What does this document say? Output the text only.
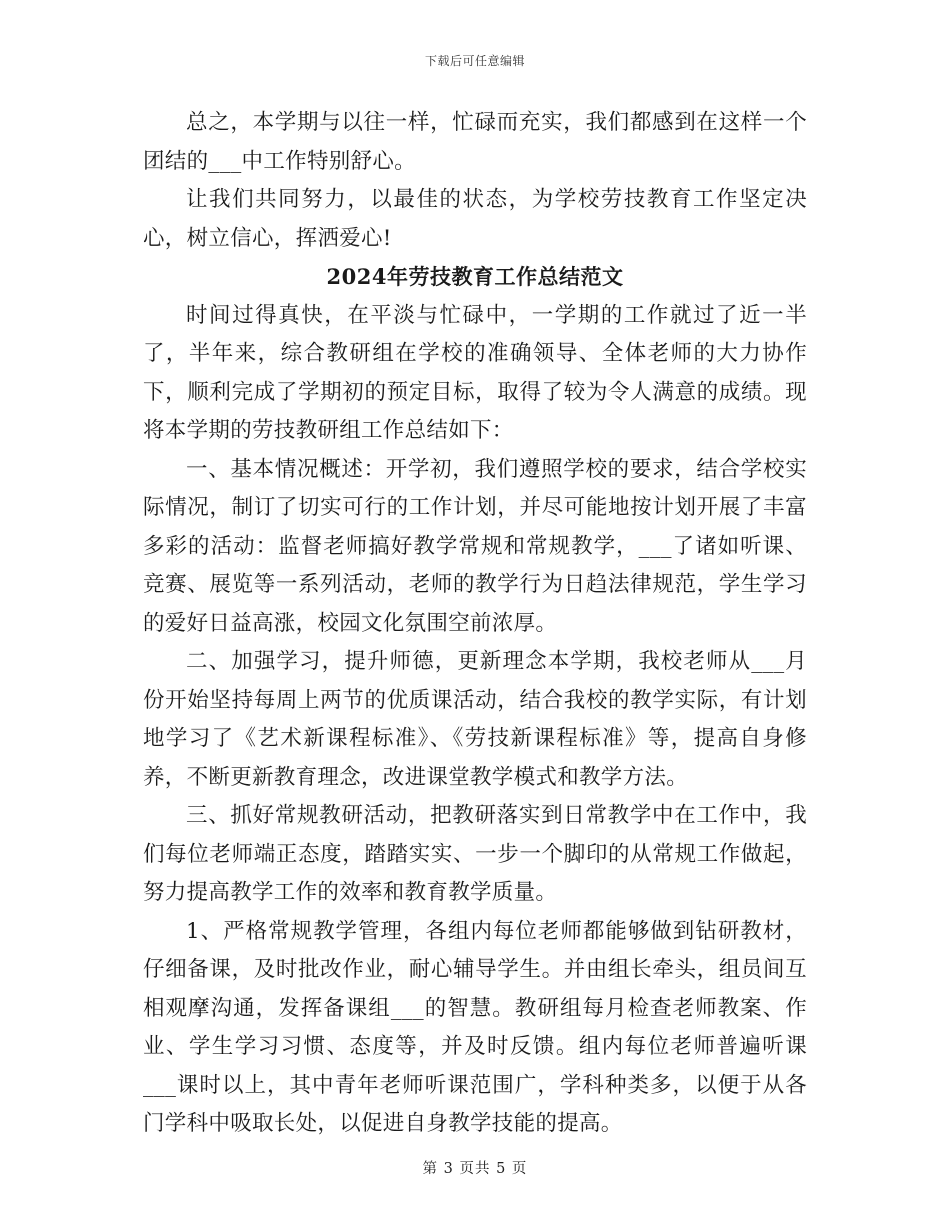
下载后可任意编辑

总之，本学期与以往一样，忙碌而充实，我们都感到在这样一个团结的___中工作特别舒心。

让我们共同努力，以最佳的状态，为学校劳技教育工作坚定决心，树立信心，挥洒爱心!

2024年劳技教育工作总结范文

时间过得真快，在平淡与忙碌中，一学期的工作就过了近一半了，半年来，综合教研组在学校的准确领导、全体老师的大力协作下，顺利完成了学期初的预定目标，取得了较为令人满意的成绩。现将本学期的劳技教研组工作总结如下：

一、基本情况概述：开学初，我们遵照学校的要求，结合学校实际情况，制订了切实可行的工作计划，并尽可能地按计划开展了丰富多彩的活动：监督老师搞好教学常规和常规教学，___了诸如听课、竞赛、展览等一系列活动，老师的教学行为日趋法律规范，学生学习的爱好日益高涨，校园文化氛围空前浓厚。

二、加强学习，提升师德，更新理念本学期，我校老师从___月份开始坚持每周上两节的优质课活动，结合我校的教学实际，有计划地学习了《艺术新课程标准》、《劳技新课程标准》等，提高自身修养，不断更新教育理念，改进课堂教学模式和教学方法。

三、抓好常规教研活动，把教研落实到日常教学中在工作中，我们每位老师端正态度，踏踏实实、一步一个脚印的从常规工作做起，努力提高教学工作的效率和教育教学质量。

1、严格常规教学管理，各组内每位老师都能够做到钻研教材，仔细备课，及时批改作业，耐心辅导学生。并由组长牵头，组员间互相观摩沟通，发挥备课组___的智慧。教研组每月检查老师教案、作业、学生学习习惯、态度等，并及时反馈。组内每位老师普遍听课___课时以上，其中青年老师听课范围广，学科种类多，以便于从各门学科中吸取长处，以促进自身教学技能的提高。

第 3 页共 5 页
